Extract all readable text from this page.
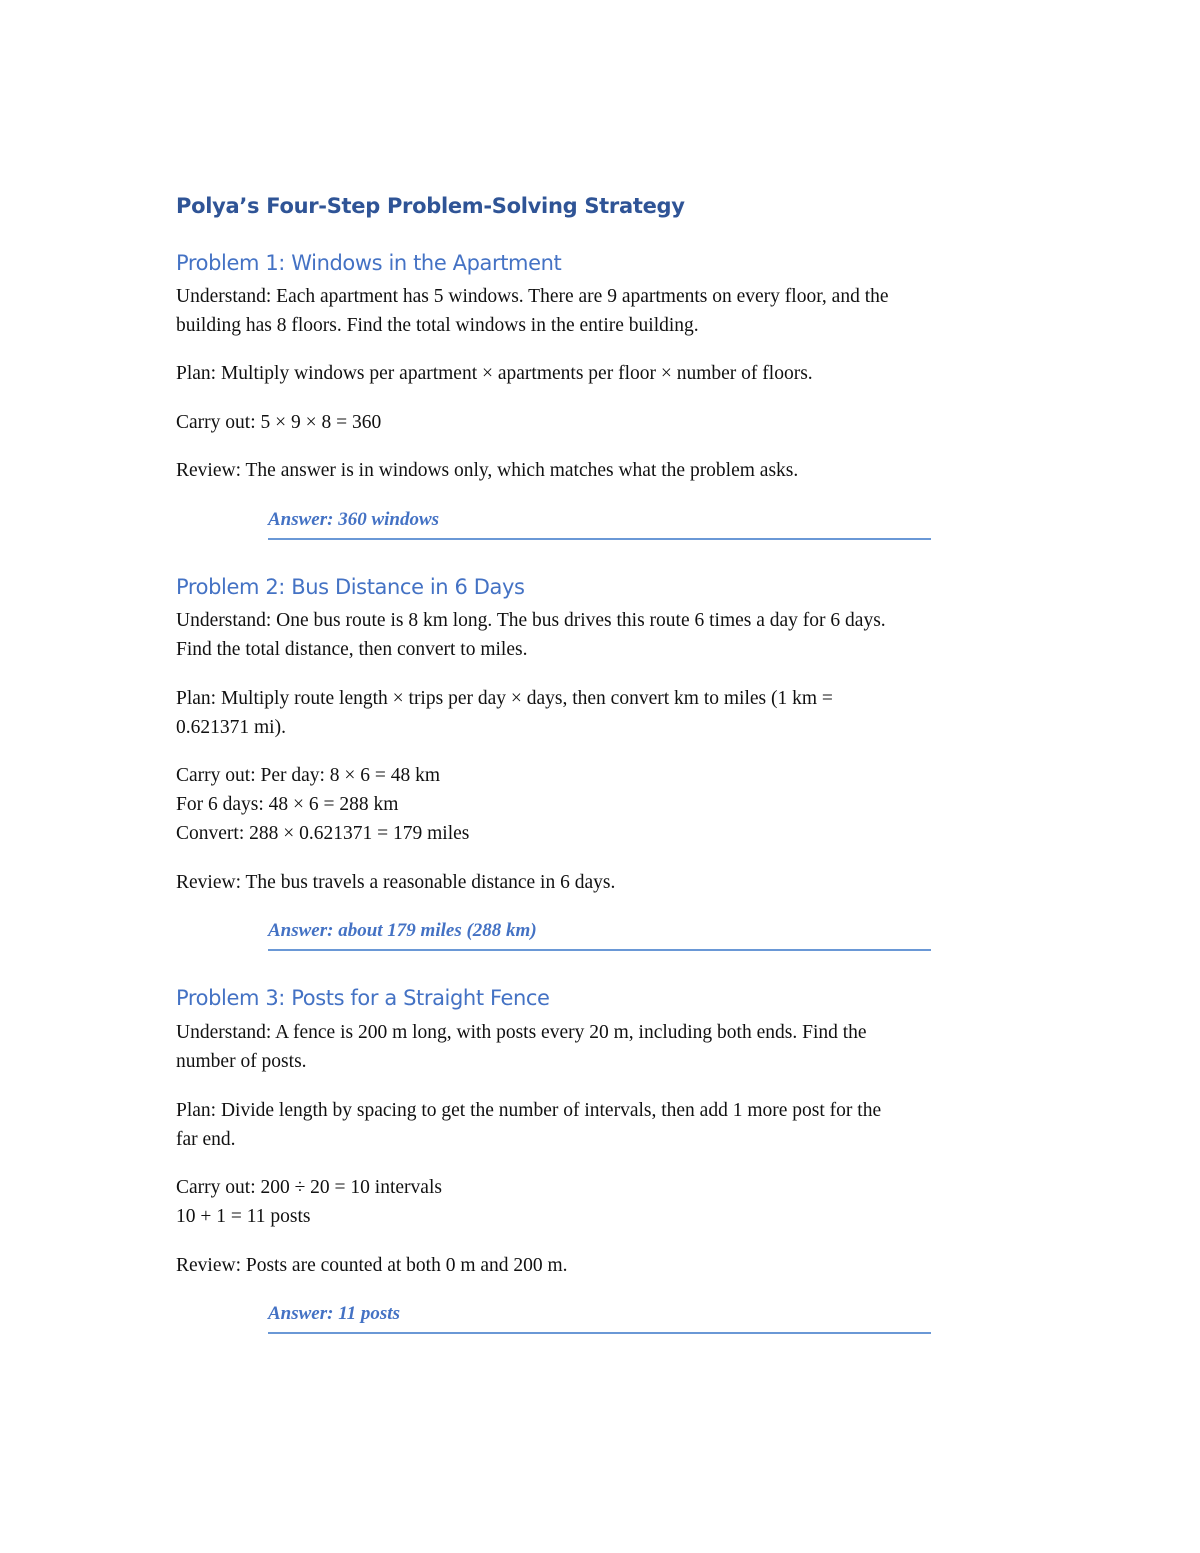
Polya’s Four-Step Problem-Solving Strategy
Problem 1: Windows in the Apartment
Understand: Each apartment has 5 windows. There are 9 apartments on every floor, and the
building has 8 floors. Find the total windows in the entire building.
Plan: Multiply windows per apartment × apartments per floor × number of floors.
Carry out: 5 × 9 × 8 = 360
Review: The answer is in windows only, which matches what the problem asks.
Answer: 360 windows
Problem 2: Bus Distance in 6 Days
Understand: One bus route is 8 km long. The bus drives this route 6 times a day for 6 days.
Find the total distance, then convert to miles.
Plan: Multiply route length × trips per day × days, then convert km to miles (1 km =
0.621371 mi).
Carry out: Per day: 8 × 6 = 48 km
For 6 days: 48 × 6 = 288 km
Convert: 288 × 0.621371 = 179 miles
Review: The bus travels a reasonable distance in 6 days.
Answer: about 179 miles (288 km)
Problem 3: Posts for a Straight Fence
Understand: A fence is 200 m long, with posts every 20 m, including both ends. Find the
number of posts.
Plan: Divide length by spacing to get the number of intervals, then add 1 more post for the
far end.
Carry out: 200 ÷ 20 = 10 intervals
10 + 1 = 11 posts
Review: Posts are counted at both 0 m and 200 m.
Answer: 11 posts
